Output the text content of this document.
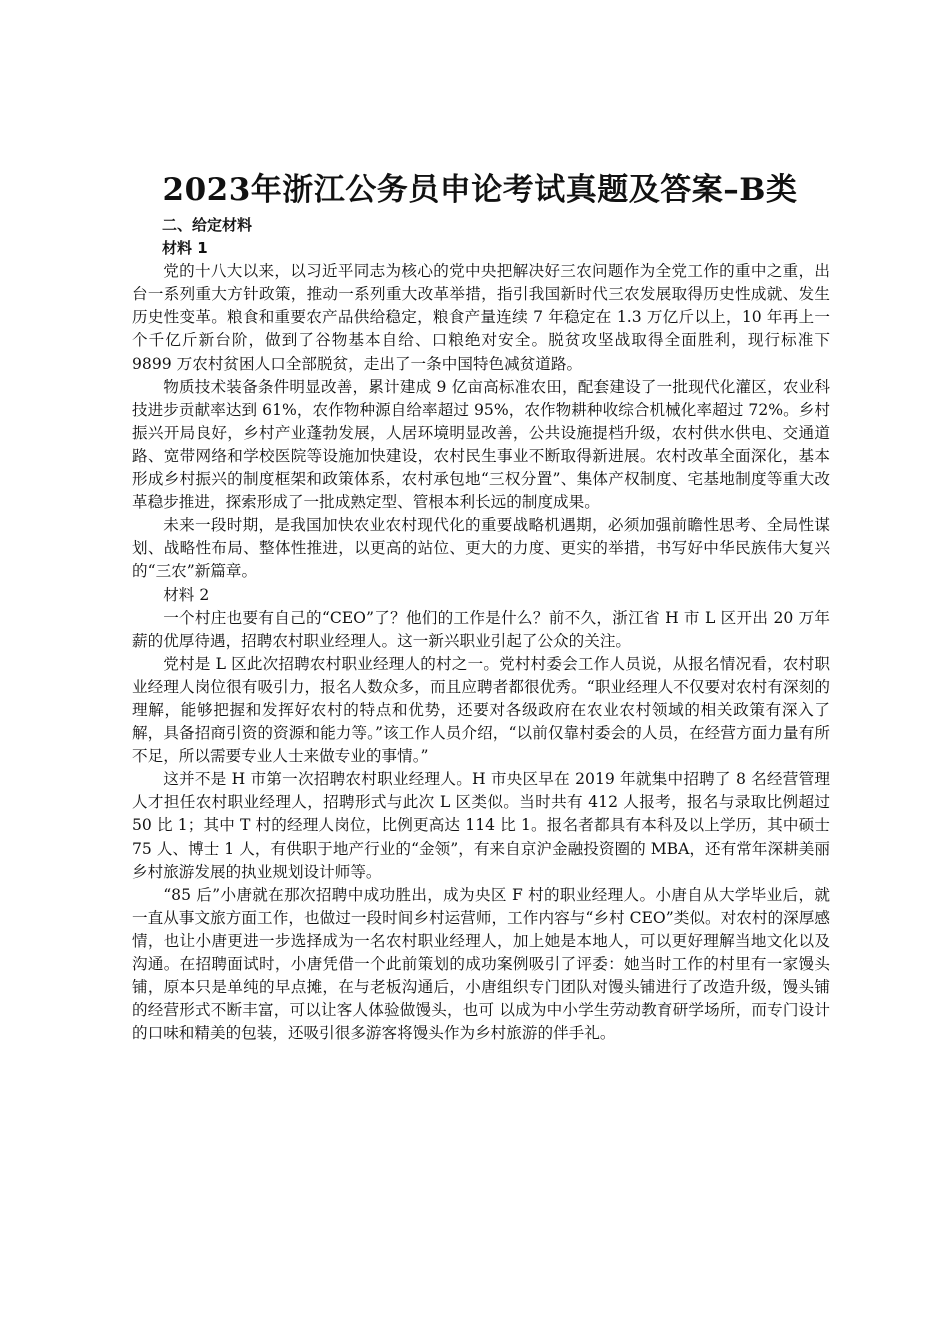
2023年浙江公务员申论考试真题及答案–B类

二、给定材料

材料 1

党的十八大以来，以习近平同志为核心的党中央把解决好三农问题作为全党工作的重中之重，出台一系列重大方针政策，推动一系列重大改革举措，指引我国新时代三农发展取得历史性成就、发生历史性变革。粮食和重要农产品供给稳定，粮食产量连续 7 年稳定在 1.3 万亿斤以上，10 年再上一个千亿斤新台阶，做到了谷物基本自给、口粮绝对安全。脱贫攻坚战取得全面胜利，现行标准下 9899 万农村贫困人口全部脱贫，走出了一条中国特色减贫道路。

物质技术装备条件明显改善，累计建成 9 亿亩高标准农田，配套建设了一批现代化灌区，农业科技进步贡献率达到 61%，农作物种源自给率超过 95%，农作物耕种收综合机械化率超过 72%。乡村振兴开局良好，乡村产业蓬勃发展，人居环境明显改善，公共设施提档升级，农村供水供电、交通道路、宽带网络和学校医院等设施加快建设，农村民生事业不断取得新进展。农村改革全面深化，基本形成乡村振兴的制度框架和政策体系，农村承包地“三权分置”、集体产权制度、宅基地制度等重大改革稳步推进，探索形成了一批成熟定型、管根本利长远的制度成果。

未来一段时期，是我国加快农业农村现代化的重要战略机遇期，必须加强前瞻性思考、全局性谋划、战略性布局、整体性推进，以更高的站位、更大的力度、更实的举措，书写好中华民族伟大复兴的“三农”新篇章。

材料 2

一个村庄也要有自己的“CEO”了？他们的工作是什么？前不久，浙江省 H 市 L 区开出 20 万年薪的优厚待遇，招聘农村职业经理人。这一新兴职业引起了公众的关注。

党村是 L 区此次招聘农村职业经理人的村之一。党村村委会工作人员说，从报名情况看，农村职业经理人岗位很有吸引力，报名人数众多，而且应聘者都很优秀。“职业经理人不仅要对农村有深刻的理解，能够把握和发挥好农村的特点和优势，还要对各级政府在农业农村领域的相关政策有深入了解，具备招商引资的资源和能力等。”该工作人员介绍，“以前仅靠村委会的人员，在经营方面力量有所不足，所以需要专业人士来做专业的事情。”

这并不是 H 市第一次招聘农村职业经理人。H 市央区早在 2019 年就集中招聘了 8 名经营管理人才担任农村职业经理人，招聘形式与此次 L 区类似。当时共有 412 人报考，报名与录取比例超过 50 比 1；其中 T 村的经理人岗位，比例更高达 114 比 1。报名者都具有本科及以上学历，其中硕士 75 人、博士 1 人，有供职于地产行业的“金领”，有来自京沪金融投资圈的 MBA，还有常年深耕美丽乡村旅游发展的执业规划设计师等。

“85 后”小唐就在那次招聘中成功胜出，成为央区 F 村的职业经理人。小唐自从大学毕业后，就一直从事文旅方面工作，也做过一段时间乡村运营师，工作内容与“乡村 CEO”类似。对农村的深厚感情，也让小唐更进一步选择成为一名农村职业经理人，加上她是本地人，可以更好理解当地文化以及沟通。在招聘面试时，小唐凭借一个此前策划的成功案例吸引了评委：她当时工作的村里有一家馒头铺，原本只是单纯的早点摊，在与老板沟通后，小唐组织专门团队对馒头铺进行了改造升级，馒头铺的经营形式不断丰富，可以让客人体验做馒头，也可 以成为中小学生劳动教育研学场所，而专门设计的口味和精美的包装，还吸引很多游客将馒头作为乡村旅游的伴手礼。
